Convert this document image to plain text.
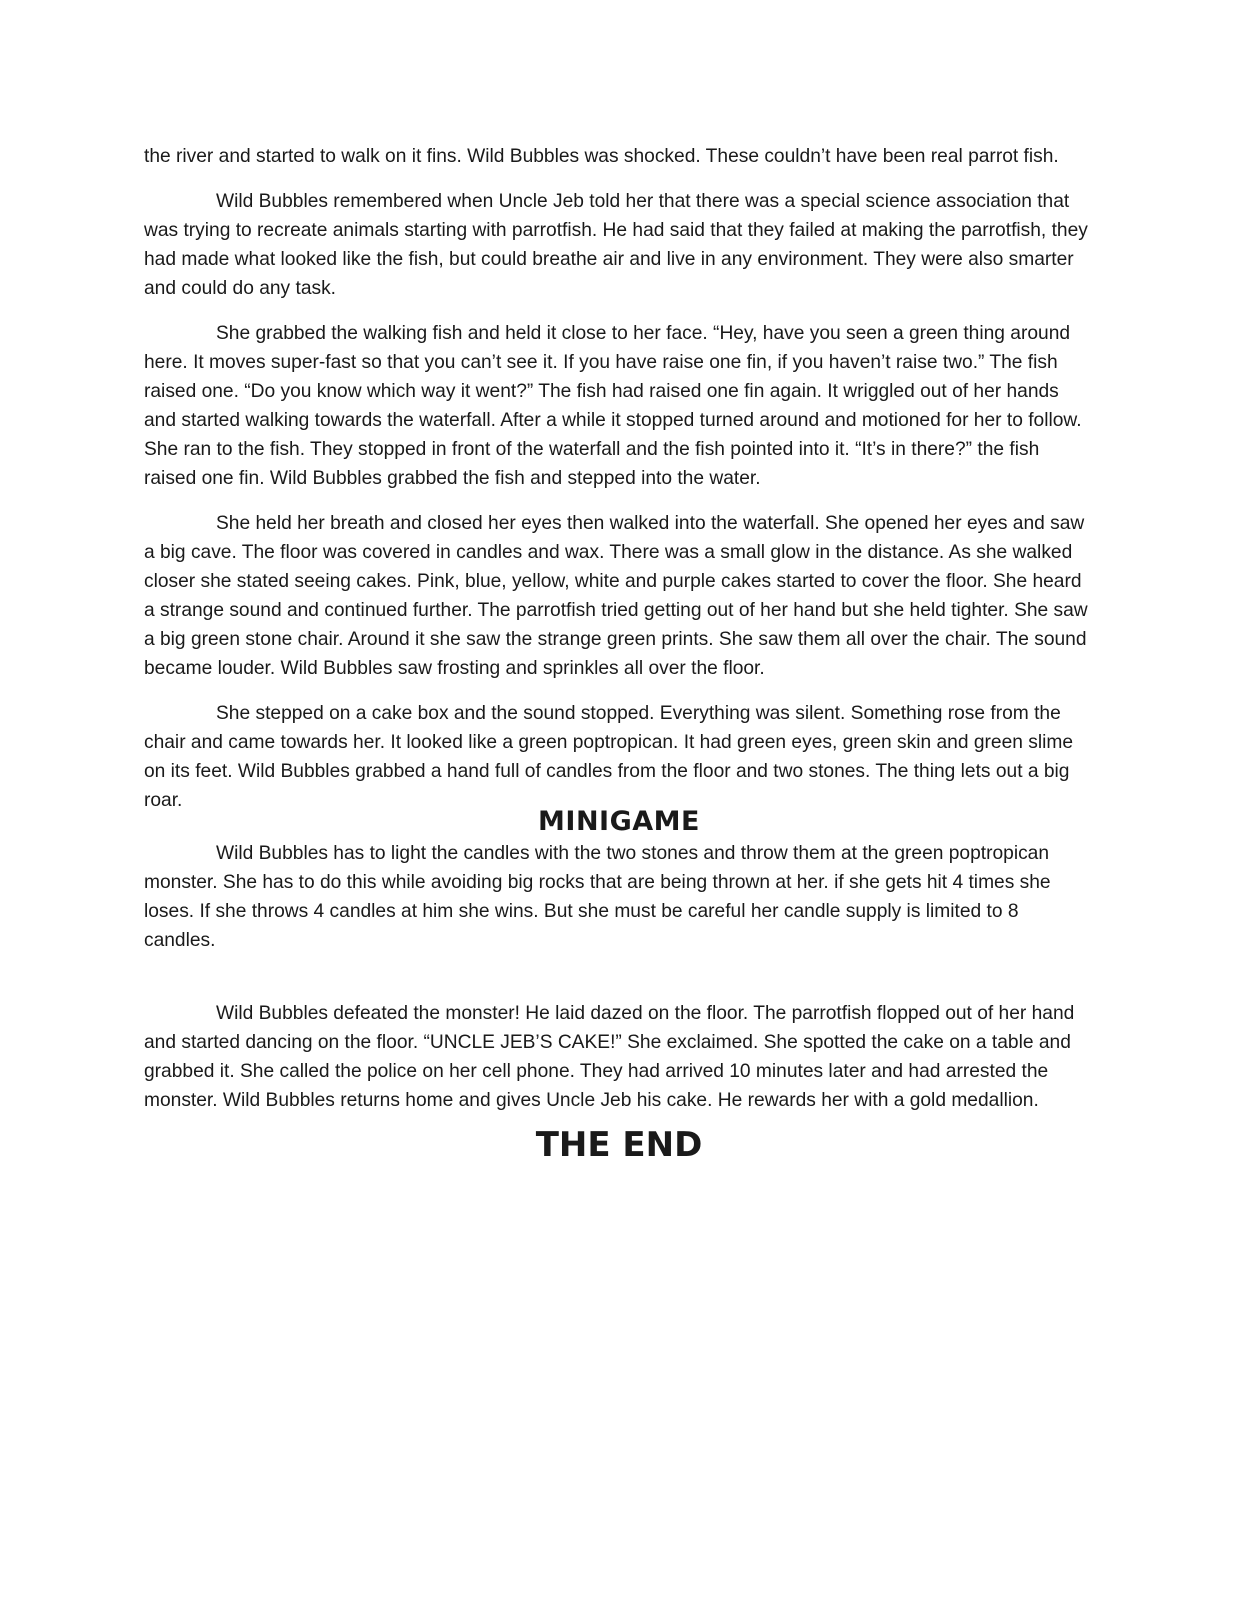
the river and started to walk on it fins. Wild Bubbles was shocked. These couldn’t have been real parrot fish.

Wild Bubbles remembered when Uncle Jeb told her that there was a special science association that was trying to recreate animals starting with parrotfish. He had said that they failed at making the parrotfish, they had made what looked like the fish, but could breathe air and live in any environment. They were also smarter and could do any task.

She grabbed the walking fish and held it close to her face. “Hey, have you seen a green thing around here. It moves super-fast so that you can’t see it. If you have raise one fin, if you haven’t raise two.” The fish raised one. “Do you know which way it went?” The fish had raised one fin again. It wriggled out of her hands and started walking towards the waterfall. After a while it stopped turned around and motioned for her to follow. She ran to the fish. They stopped in front of the waterfall and the fish pointed into it. “It’s in there?” the fish raised one fin. Wild Bubbles grabbed the fish and stepped into the water.

She held her breath and closed her eyes then walked into the waterfall. She opened her eyes and saw a big cave. The floor was covered in candles and wax. There was a small glow in the distance. As she walked closer she stated seeing cakes. Pink, blue, yellow, white and purple cakes started to cover the floor. She heard a strange sound and continued further. The parrotfish tried getting out of her hand but she held tighter. She saw a big green stone chair. Around it she saw the strange green prints. She saw them all over the chair. The sound became louder. Wild Bubbles saw frosting and sprinkles all over the floor.

She stepped on a cake box and the sound stopped. Everything was silent. Something rose from the chair and came towards her. It looked like a green poptropican. It had green eyes, green skin and green slime on its feet. Wild Bubbles grabbed a hand full of candles from the floor and two stones. The thing lets out a big roar.

MINIGAME

Wild Bubbles has to light the candles with the two stones and throw them at the green poptropican monster. She has to do this while avoiding big rocks that are being thrown at her. if she gets hit 4 times she loses. If she throws 4 candles at him she wins. But she must be careful her candle supply is limited to 8 candles.

Wild Bubbles defeated the monster! He laid dazed on the floor. The parrotfish flopped out of her hand and started dancing on the floor. “UNCLE JEB’S CAKE!” She exclaimed. She spotted the cake on a table and grabbed it. She called the police on her cell phone. They had arrived 10 minutes later and had arrested the monster. Wild Bubbles returns home and gives Uncle Jeb his cake. He rewards her with a gold medallion.

THE END
